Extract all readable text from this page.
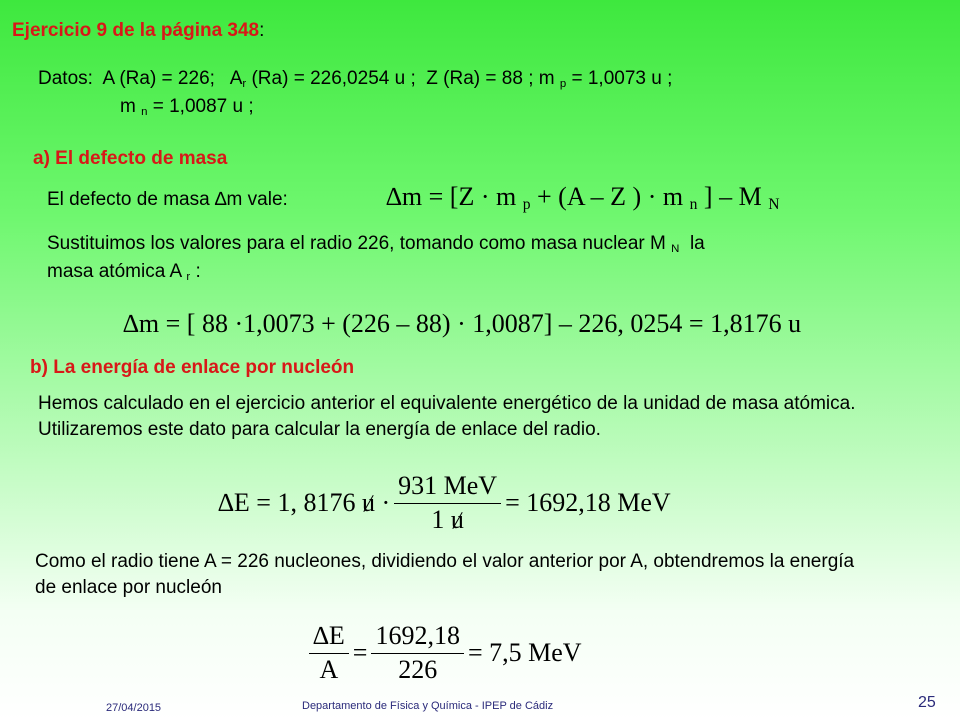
Ejercicio 9 de la página 348:
Datos: A (Ra) = 226; $A_r$ (Ra) = 226,0254 u ; Z (Ra) = 88 ; m $_p$ = 1,0073 u ;
m $_n$ = 1,0087 u ;
a) El defecto de masa
El defecto de masa ∆m vale:	∆m = [Z · m $_p$ + (A – Z ) · m $_n$ ] – M $_N$
Sustituimos los valores para el radio 226, tomando como masa nuclear M $_N$ la
masa atómica A $_r$ :
∆m = [ 88 ·1,0073 + (226 – 88) · 1,0087] – 226, 0254 = 1,8176 u
b) La energía de enlace por nucleón
Hemos calculado en el ejercicio anterior el equivalente energético de la unidad de masa atómica. Utilizaremos este dato para calcular la energía de enlace del radio.
∆E = 1, 8176
u
· $\frac{\text{931 MeV}}{1 u} = 1692,18$ MeV
Como el radio tiene A = 226 nucleones, dividiendo el valor anterior por A, obtendremos la energía de enlace por nucleón
$\frac{\Delta E}{A} = \frac{1692,18}{226} = 7,5$ MeV
27/04/2015	Departamento de Física y Química - IPEP de Cádiz	25
